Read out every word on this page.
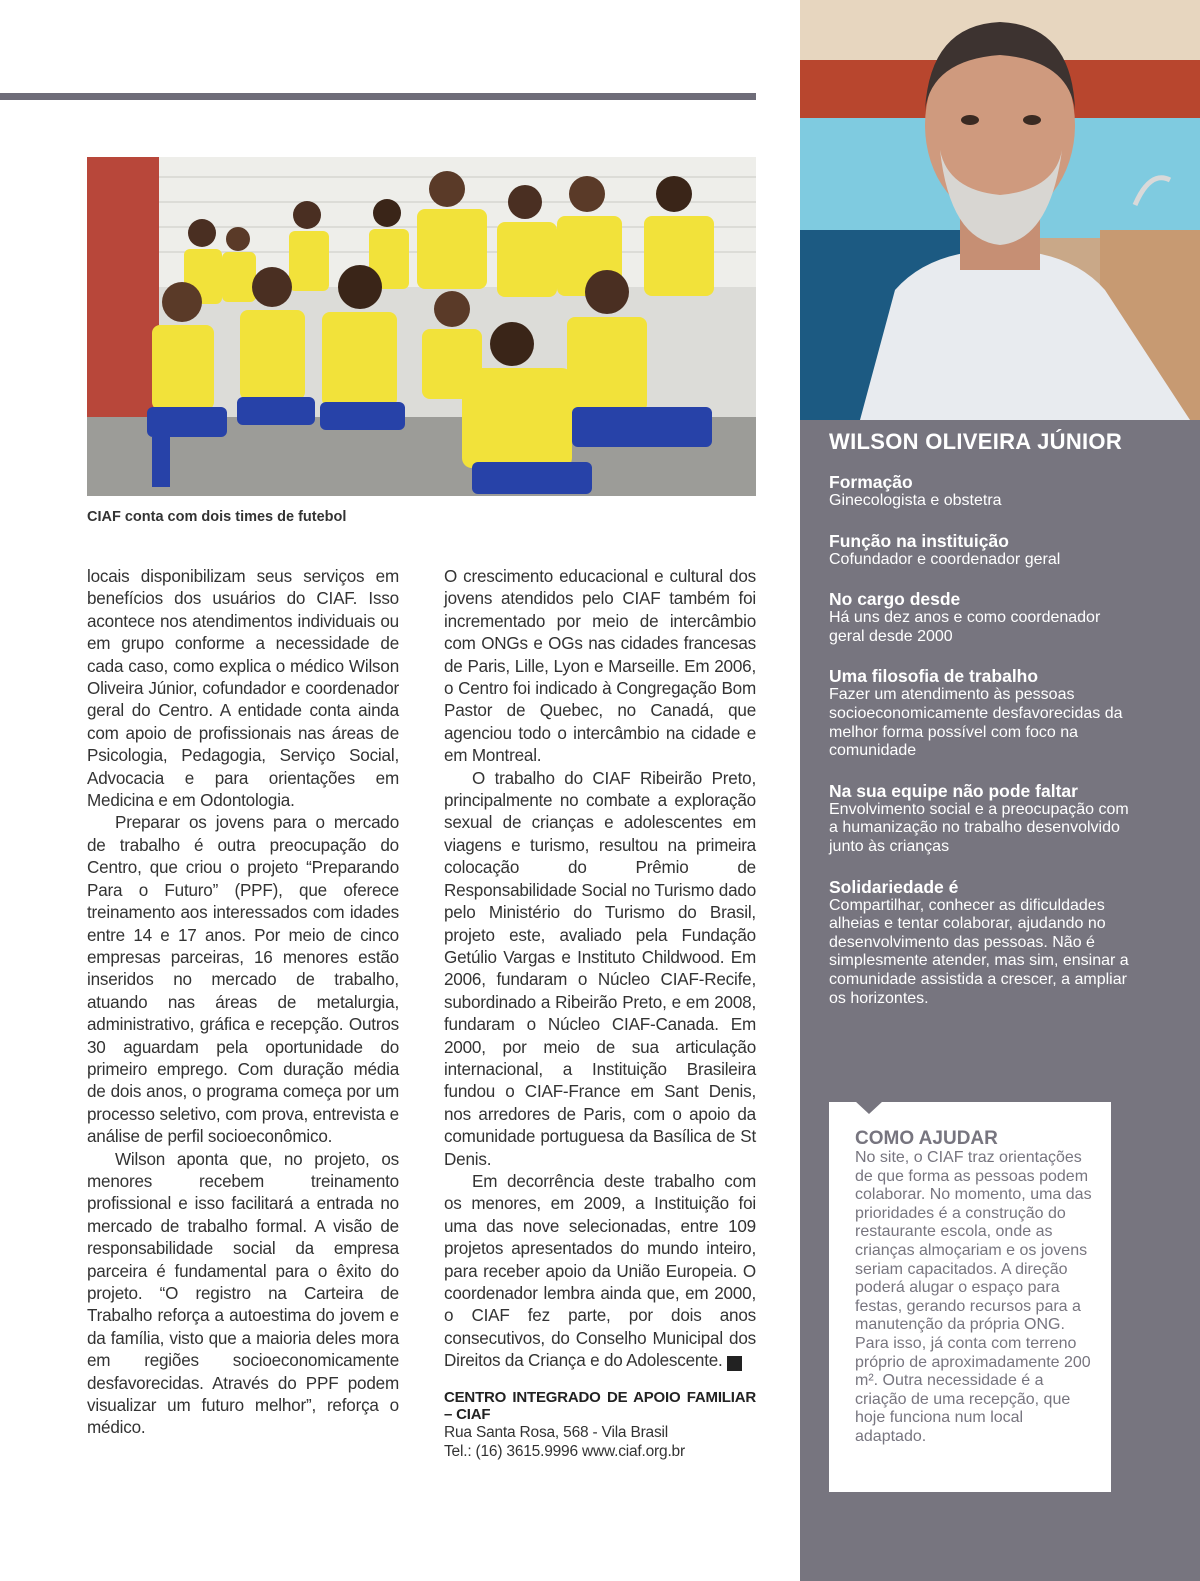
CIAF conta com dois times de futebol

locais disponibilizam seus serviços em benefícios dos usuários do CIAF. Isso acontece nos atendimentos individuais ou em grupo conforme a necessidade de cada caso, como explica o médico Wilson Oliveira Júnior, cofundador e coordenador geral do Centro. A entidade conta ainda com apoio de profissionais nas áreas de Psicologia, Pedagogia, Serviço Social, Advocacia e para orientações em Medicina e em Odontologia.

Preparar os jovens para o mercado de trabalho é outra preocupação do Centro, que criou o projeto “Preparando Para o Futuro” (PPF), que oferece treinamento aos interessados com idades entre 14 e 17 anos. Por meio de cinco empresas parceiras, 16 menores estão inseridos no mercado de trabalho, atuando nas áreas de metalurgia, administrativo, gráfica e recepção. Outros 30 aguardam pela oportunidade do primeiro emprego. Com duração média de dois anos, o programa começa por um processo seletivo, com prova, entrevista e análise de perfil socioeconômico.

Wilson aponta que, no projeto, os menores recebem treinamento profissional e isso facilitará a entrada no mercado de trabalho formal. A visão de responsabilidade social da empresa parceira é fundamental para o êxito do projeto. “O registro na Carteira de Trabalho reforça a autoestima do jovem e da família, visto que a maioria deles mora em regiões socioeconomicamente desfavorecidas. Através do PPF podem visualizar um futuro melhor”, reforça o médico.

O crescimento educacional e cultural dos jovens atendidos pelo CIAF também foi incrementado por meio de intercâmbio com ONGs e OGs nas cidades francesas de Paris, Lille, Lyon e Marseille. Em 2006, o Centro foi indicado à Congregação Bom Pastor de Quebec, no Canadá, que agenciou todo o intercâmbio na cidade e em Montreal.

O trabalho do CIAF Ribeirão Preto, principalmente no combate a exploração sexual de crianças e adolescentes em viagens e turismo, resultou na primeira colocação do Prêmio de Responsabilidade Social no Turismo dado pelo Ministério do Turismo do Brasil, projeto este, avaliado pela Fundação Getúlio Vargas e Instituto Childwood. Em 2006, fundaram o Núcleo CIAF-Recife, subordinado a Ribeirão Preto, e em 2008, fundaram o Núcleo CIAF-Canada. Em 2000, por meio de sua articulação internacional, a Instituição Brasileira fundou o CIAF-France em Sant Denis, nos arredores de Paris, com o apoio da comunidade portuguesa da Basílica de St Denis.

Em decorrência deste trabalho com os menores, em 2009, a Instituição foi uma das nove selecionadas, entre 109 projetos apresentados do mundo inteiro, para receber apoio da União Europeia. O coordenador lembra ainda que, em 2000, o CIAF fez parte, por dois anos consecutivos, do Conselho Municipal dos Direitos da Criança e do Adolescente.	r

CENTRO INTEGRADO DE APOIO FAMILIAR – CIAF
Rua Santa Rosa, 568 - Vila Brasil
Tel.: (16) 3615.9996 www.ciaf.org.br
WILSON OLIVEIRA JÚNIOR
Formação
Ginecologista e obstetra
Função na instituição
Cofundador e coordenador geral
No cargo desde
Há uns dez anos e como coordenador geral desde 2000
Uma filosofia de trabalho
Fazer um atendimento às pessoas socioeconomicamente desfavorecidas da melhor forma possível com foco na comunidade
Na sua equipe não pode faltar
Envolvimento social e a preocupação com a humanização no trabalho desenvolvido junto às crianças
Solidariedade é
Compartilhar, conhecer as dificuldades alheias e tentar colaborar, ajudando no desenvolvimento das pessoas. Não é simplesmente atender, mas sim, ensinar a comunidade assistida a crescer, a ampliar os horizontes.
COMO AJUDAR
No site, o CIAF traz orientações de que forma as pessoas podem colaborar. No momento, uma das prioridades é a construção do restaurante escola, onde as crianças almoçariam e os jovens seriam capacitados. A direção poderá alugar o espaço para festas, gerando recursos para a manutenção da própria ONG. Para isso, já conta com terreno próprio de aproximadamente 200 m². Outra necessidade é a criação de uma recepção, que hoje funciona num local adaptado.
